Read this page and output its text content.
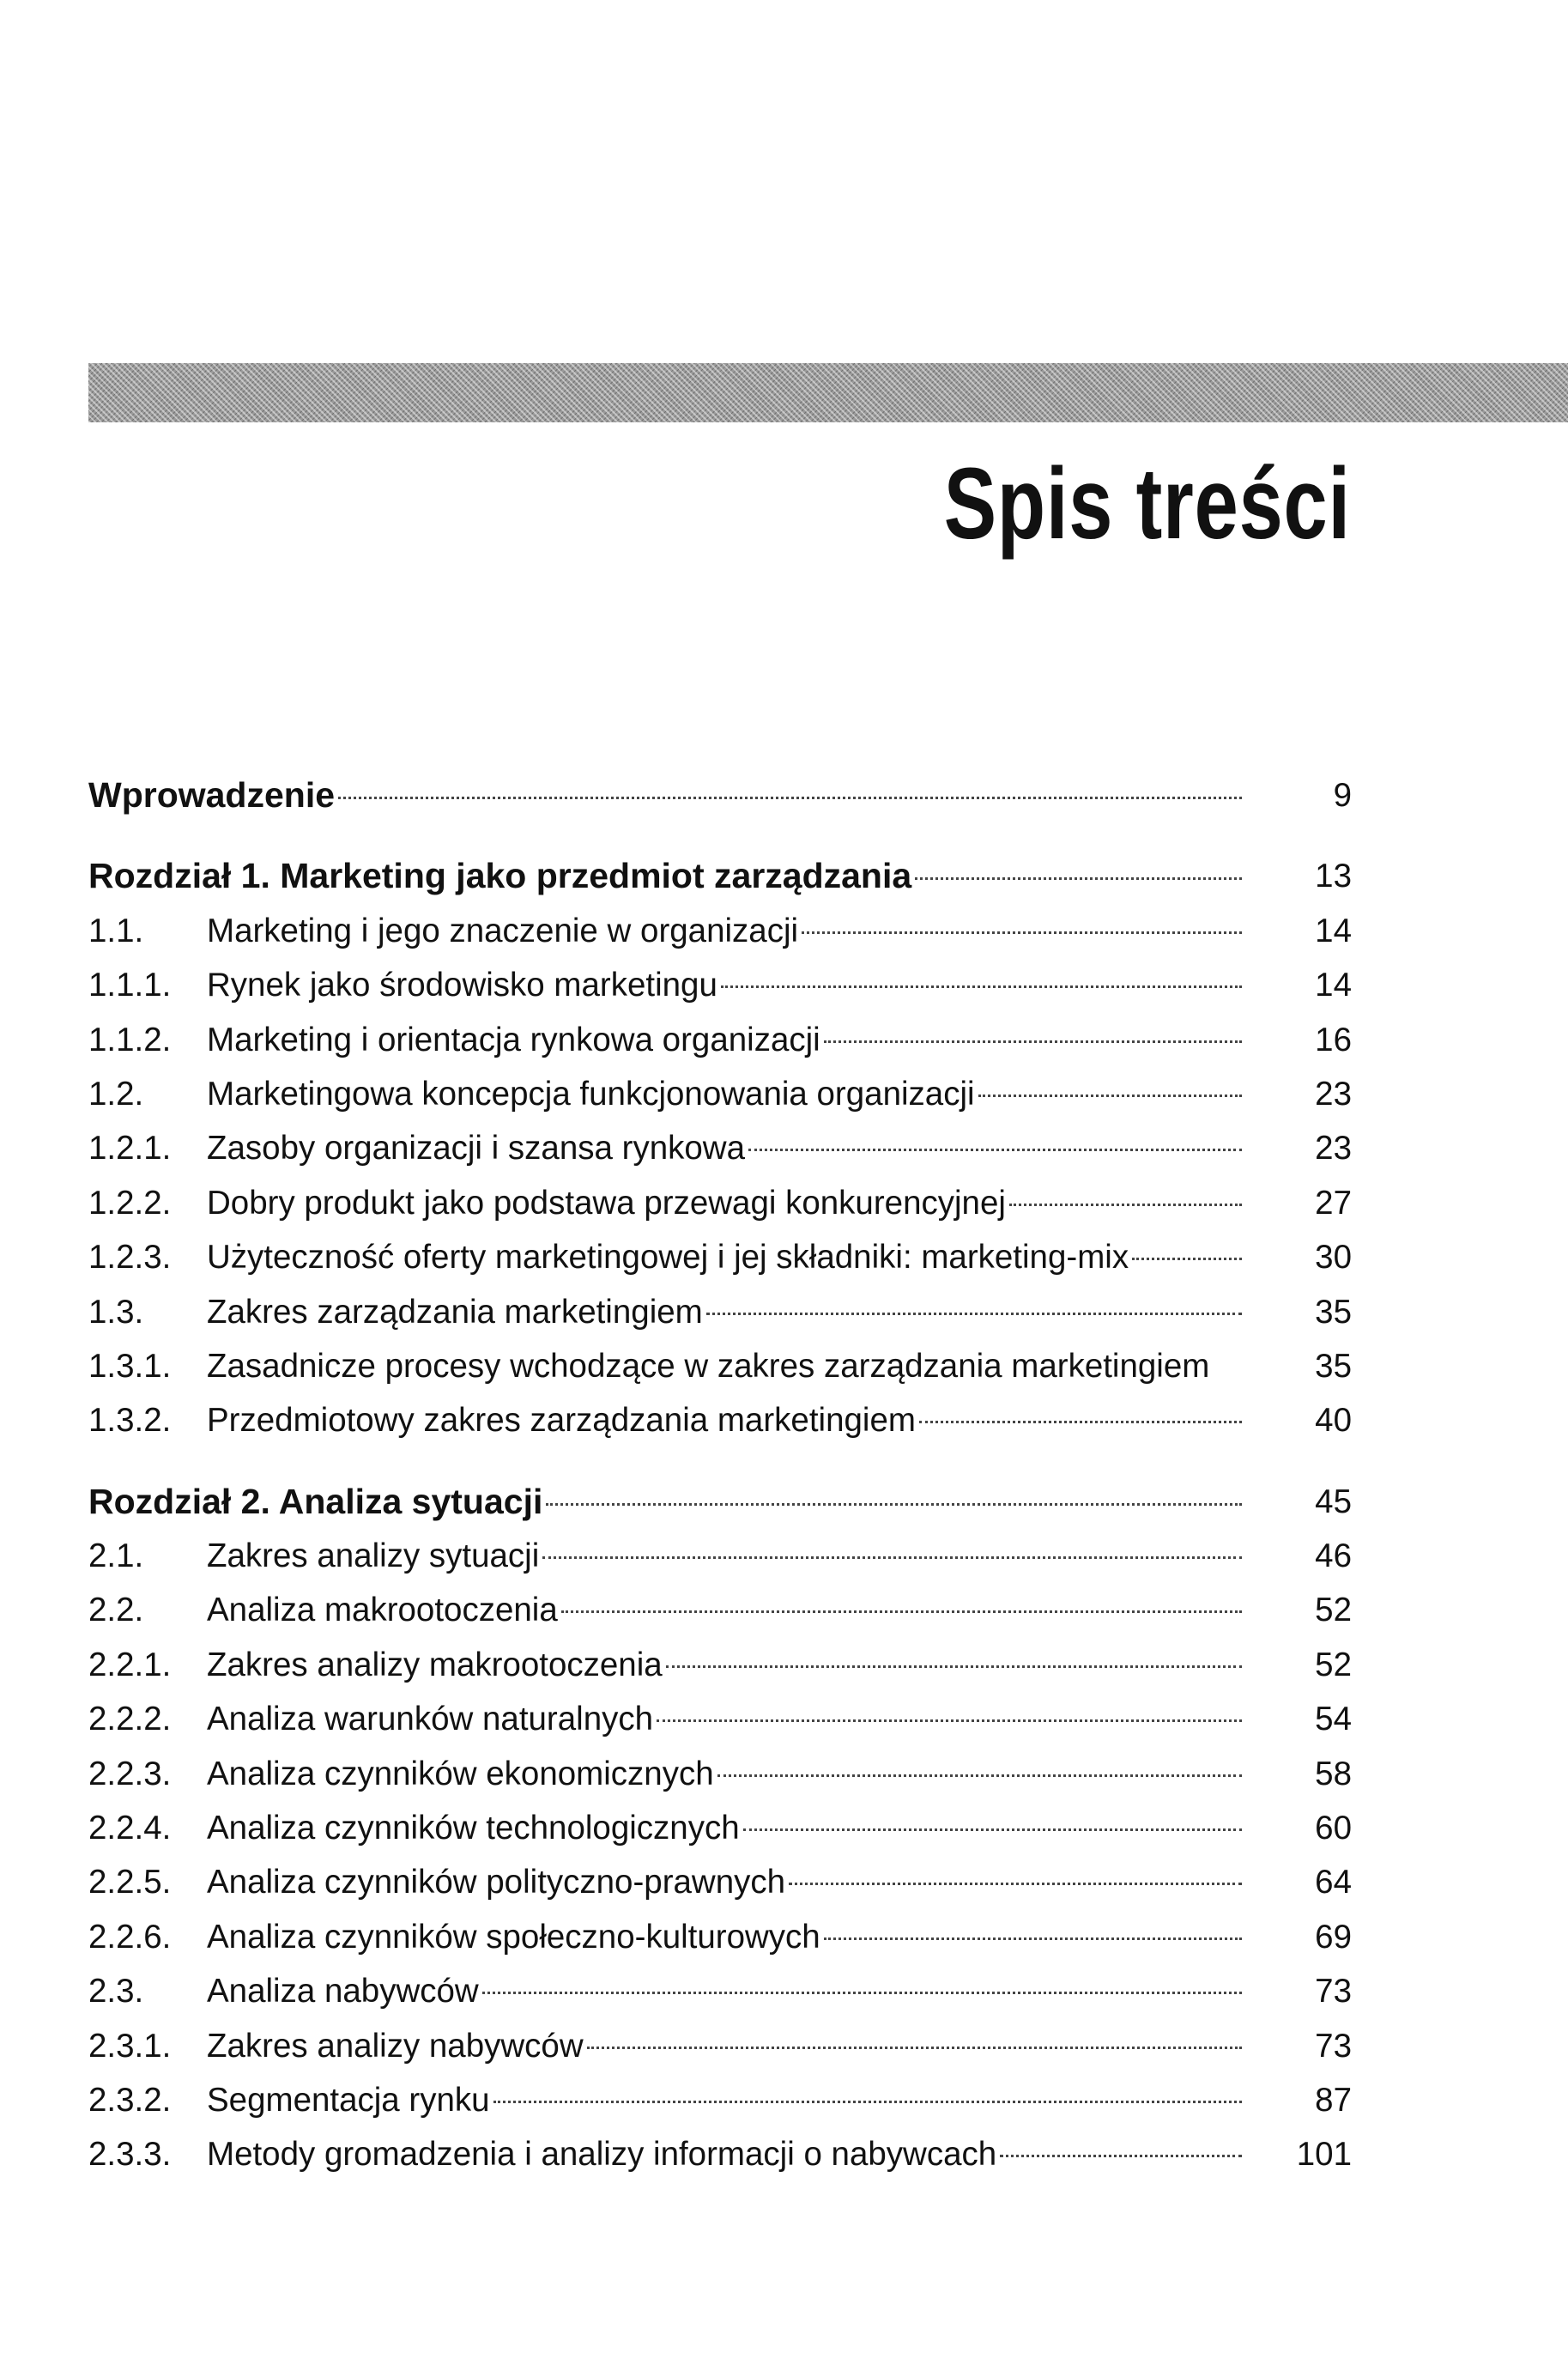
Spis treści
Wprowadzenie	9
Rozdział 1. Marketing jako przedmiot zarządzania	13
1.1.	Marketing i jego znaczenie w organizacji	14
1.1.1.	Rynek jako środowisko marketingu	14
1.1.2.	Marketing i orientacja rynkowa organizacji	16
1.2.	Marketingowa koncepcja funkcjonowania organizacji	23
1.2.1.	Zasoby organizacji i szansa rynkowa	23
1.2.2.	Dobry produkt jako podstawa przewagi konkurencyjnej	27
1.2.3.	Użyteczność oferty marketingowej i jej składniki: marketing-mix	30
1.3.	Zakres zarządzania marketingiem	35
1.3.1.	Zasadnicze procesy wchodzące w zakres zarządzania marketingiem	35
1.3.2.	Przedmiotowy zakres zarządzania marketingiem	40
Rozdział 2. Analiza sytuacji	45
2.1.	Zakres analizy sytuacji	46
2.2.	Analiza makrootoczenia	52
2.2.1.	Zakres analizy makrootoczenia	52
2.2.2.	Analiza warunków naturalnych	54
2.2.3.	Analiza czynników ekonomicznych	58
2.2.4.	Analiza czynników technologicznych	60
2.2.5.	Analiza czynników polityczno-prawnych	64
2.2.6.	Analiza czynników społeczno-kulturowych	69
2.3.	Analiza nabywców	73
2.3.1.	Zakres analizy nabywców	73
2.3.2.	Segmentacja rynku	87
2.3.3.	Metody gromadzenia i analizy informacji o nabywcach	101
